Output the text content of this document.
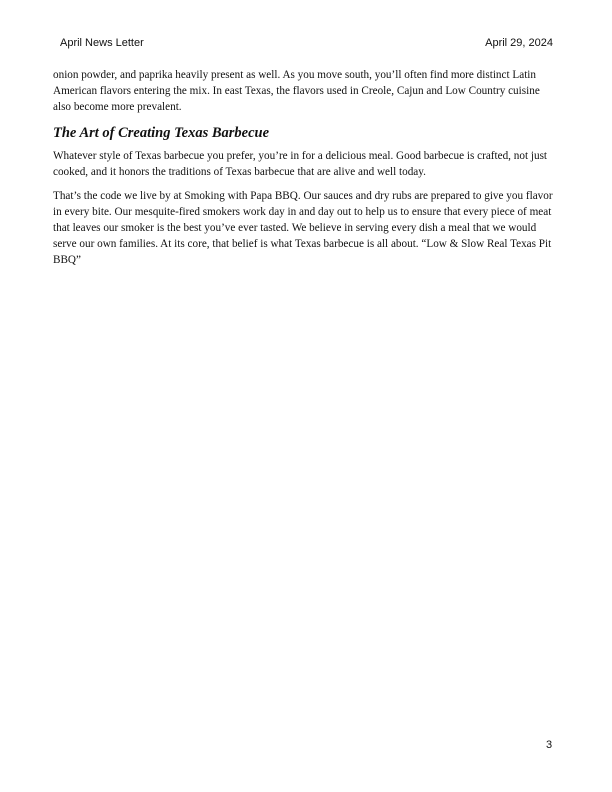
April News Letter	April 29, 2024

onion powder, and paprika heavily present as well. As you move south, you’ll often find more distinct Latin American flavors entering the mix. In east Texas, the flavors used in Creole, Cajun and Low Country cuisine also become more prevalent.

The Art of Creating Texas Barbecue

Whatever style of Texas barbecue you prefer, you’re in for a delicious meal. Good barbecue is crafted, not just cooked, and it honors the traditions of Texas barbecue that are alive and well today.

That’s the code we live by at Smoking with Papa BBQ. Our sauces and dry rubs are prepared to give you flavor in every bite. Our mesquite-fired smokers work day in and day out to help us to ensure that every piece of meat that leaves our smoker is the best you’ve ever tasted. We believe in serving every dish a meal that we would serve our own families. At its core, that belief is what Texas barbecue is all about. “Low & Slow Real Texas Pit BBQ”

3
